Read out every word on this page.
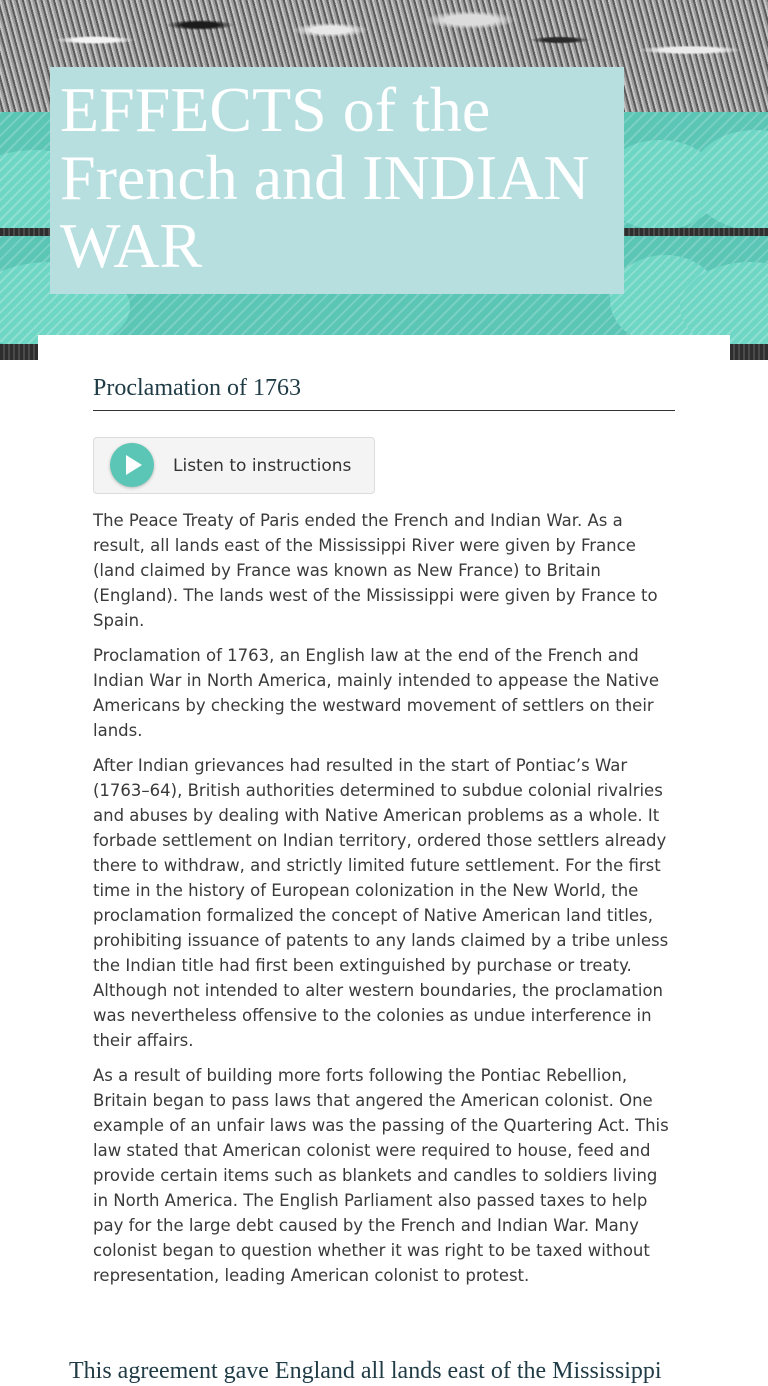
EFFECTS of the French and INDIAN WAR
Proclamation of 1763
Listen to instructions

The Peace Treaty of Paris ended the French and Indian War. As a result, all lands east of the Mississippi River were given by France (land claimed by France was known as New France) to Britain (England). The lands west of the Mississippi were given by France to Spain.

Proclamation of 1763, an English law at the end of the French and Indian War in North America, mainly intended to appease the Native Americans by checking the westward movement of settlers on their lands.

After Indian grievances had resulted in the start of Pontiac’s War (1763–64), British authorities determined to subdue colonial rivalries and abuses by dealing with Native American problems as a whole. It forbade settlement on Indian territory, ordered those settlers already there to withdraw, and strictly limited future settlement. For the first time in the history of European colonization in the New World, the proclamation formalized the concept of Native American land titles, prohibiting issuance of patents to any lands claimed by a tribe unless the Indian title had first been extinguished by purchase or treaty. Although not intended to alter western boundaries, the proclamation was nevertheless offensive to the colonies as undue interference in their affairs.

As a result of building more forts following the Pontiac Rebellion, Britain began to pass laws that angered the American colonist. One example of an unfair laws was the passing of the Quartering Act. This law stated that American colonist were required to house, feed and provide certain items such as blankets and candles to soldiers living in North America. The English Parliament also passed taxes to help pay for the large debt caused by the French and Indian War. Many colonist began to question whether it was right to be taxed without representation, leading American colonist to protest.

This agreement gave England all lands east of the Mississippi
